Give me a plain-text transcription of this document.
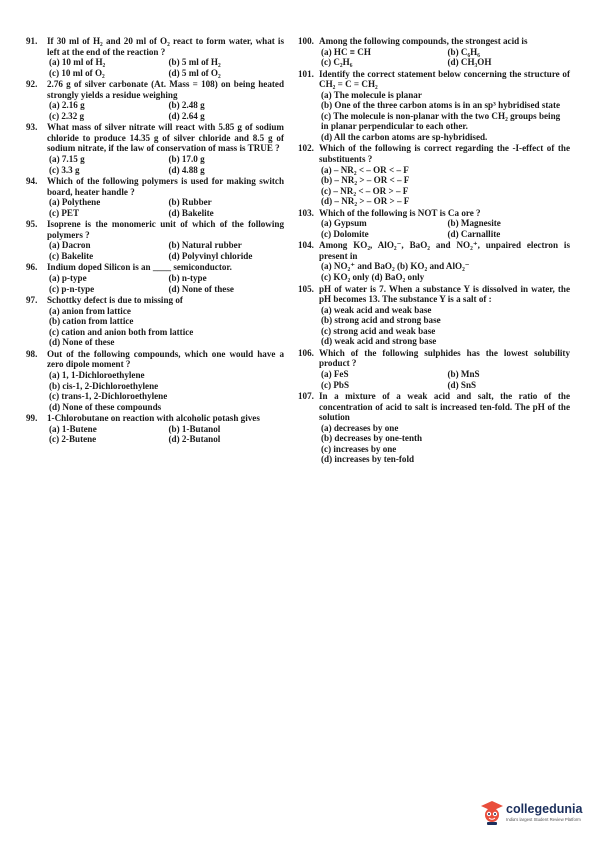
91. If 30 ml of H₂ and 20 ml of O₂ react to form water, what is left at the end of the reaction ?
(a) 10 ml of H₂	(b) 5 ml of H₂
(c) 10 ml of O₂	(d) 5 ml of O₂
92. 2.76 g of silver carbonate (At. Mass = 108) on being heated strongly yields a residue weighing
(a) 2.16 g	(b) 2.48 g
(c) 2.32 g	(d) 2.64 g
93. What mass of silver nitrate will react with 5.85 g of sodium chloride to produce 14.35 g of silver chloride and 8.5 g of sodium nitrate, if the law of conservation of mass is TRUE ?
(a) 7.15 g	(b) 17.0 g
(c) 3.3 g	(d) 4.88 g
94. Which of the following polymers is used for making switch board, heater handle ?
(a) Polythene	(b) Rubber
(c) PET	(d) Bakelite
95. Isoprene is the monomeric unit of which of the following polymers ?
(a) Dacron	(b) Natural rubber
(c) Bakelite	(d) Polyvinyl chloride
96. Indium doped Silicon is an ____ semiconductor.
(a) p-type	(b) n-type
(c) p-n-type	(d) None of these
97. Schottky defect is due to missing of
(a) anion from lattice
(b) cation from lattice
(c) cation and anion both from lattice
(d) None of these
98. Out of the following compounds, which one would have a zero dipole moment ?
(a) 1, 1-Dichloroethylene
(b) cis-1, 2-Dichloroethylene
(c) trans-1, 2-Dichloroethylene
(d) None of these compounds
99. 1-Chlorobutane on reaction with alcoholic potash gives
(a) 1-Butene	(b) 1-Butanol
(c) 2-Butene	(d) 2-Butanol
100. Among the following compounds, the strongest acid is
(a) HC ≡ CH	(b) C₆H₆
(c) C₂H₆	(d) CH₃OH
101. Identify the correct statement below concerning the structure of CH₂ = C = CH₂
(a) The molecule is planar
(b) One of the three carbon atoms is in an sp³ hybridised state
(c) The molecule is non-planar with the two CH₂ groups being in planar perpendicular to each other.
(d) All the carbon atoms are sp-hybridised.
102. Which of the following is correct regarding the -I-effect of the substituents ?
(a) – NR₂ < – OR < – F
(b) – NR₂ > – OR < – F
(c) – NR₂ < – OR > – F
(d) – NR₂ > – OR > – F
103. Which of the following is NOT is Ca ore ?
(a) Gypsum	(b) Magnesite
(c) Dolomite	(d) Carnallite
104. Among KO₂, AlO₂⁻, BaO₂ and NO₂⁺, unpaired electron is present in
(a) NO₂⁺ and BaO₂ (b) KO₂ and AlO₂⁻
(c) KO₂ only (d) BaO₂ only
105. pH of water is 7. When a substance Y is dissolved in water, the pH becomes 13. The substance Y is a salt of :
(a) weak acid and weak base
(b) strong acid and strong base
(c) strong acid and weak base
(d) weak acid and strong base
106. Which of the following sulphides has the lowest solubility product ?
(a) FeS	(b) MnS
(c) PbS	(d) SnS
107. In a mixture of a weak acid and salt, the ratio of the concentration of acid to salt is increased ten-fold. The pH of the solution
(a) decreases by one
(b) decreases by one-tenth
(c) increases by one
(d) increases by ten-fold
collegedunia
India's largest Student Review Platform
